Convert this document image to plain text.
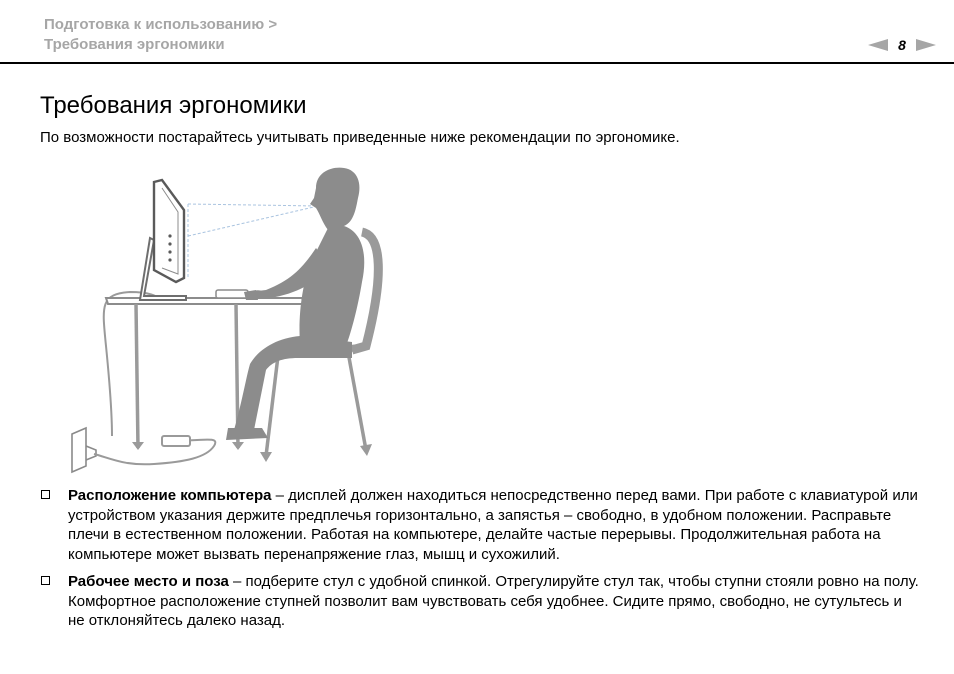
Подготовка к использованию >
Требования эргономики	8
Требования эргономики

По возможности постарайтесь учитывать приведенные ниже рекомендации по эргономике.

Расположение компьютера – дисплей должен находиться непосредственно перед вами. При работе с клавиатурой или устройством указания держите предплечья горизонтально, а запястья – свободно, в удобном положении. Расправьте плечи в естественном положении. Работая на компьютере, делайте частые перерывы. Продолжительная работа на компьютере может вызвать перенапряжение глаз, мышц и сухожилий.
Рабочее место и поза – подберите стул с удобной спинкой. Отрегулируйте стул так, чтобы ступни стояли ровно на полу. Комфортное расположение ступней позволит вам чувствовать себя удобнее. Сидите прямо, свободно, не сутультесь и не отклоняйтесь далеко назад.
